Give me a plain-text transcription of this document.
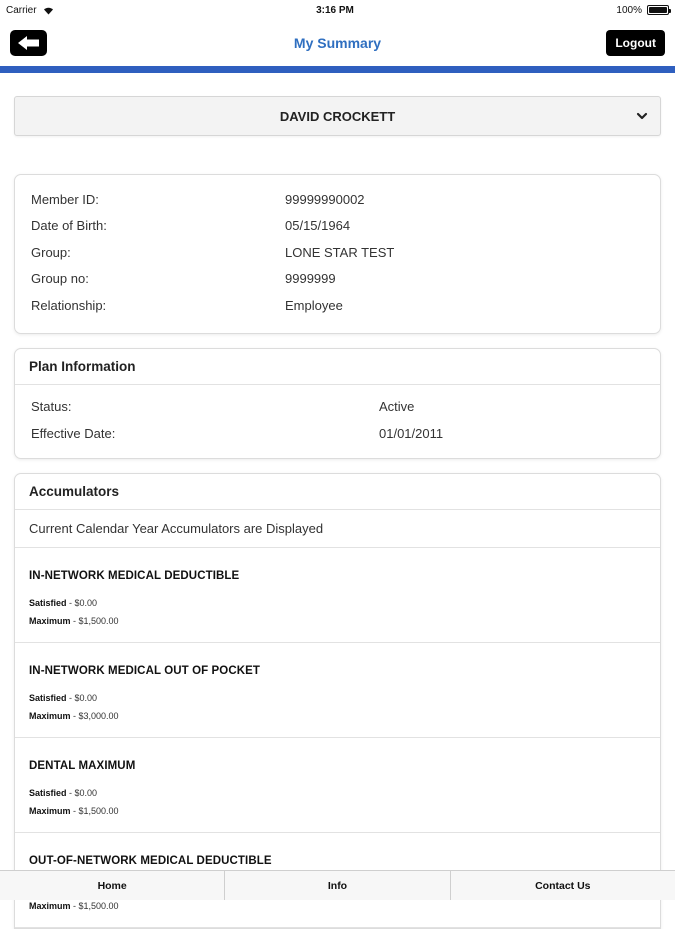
Carrier	3:16 PM	100%
My Summary	Logout
DAVID CROCKETT
Member ID:	99999990002
Date of Birth:	05/15/1964
Group:	LONE STAR TEST
Group no:	9999999
Relationship:	Employee
Plan Information
Status:	Active
Effective Date:	01/01/2011
Accumulators
Current Calendar Year Accumulators are Displayed
IN-NETWORK MEDICAL DEDUCTIBLE
Satisfied - $0.00
Maximum - $1,500.00
IN-NETWORK MEDICAL OUT OF POCKET
Satisfied - $0.00
Maximum - $3,000.00
DENTAL MAXIMUM
Satisfied - $0.00
Maximum - $1,500.00
OUT-OF-NETWORK MEDICAL DEDUCTIBLE
Maximum - $1,500.00
Home	Info	Contact Us
